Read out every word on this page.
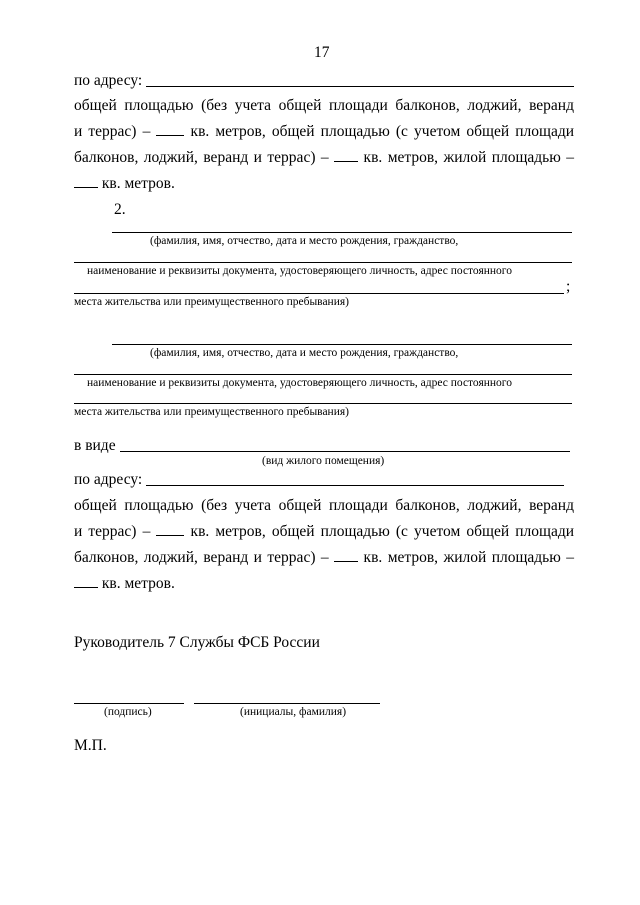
17
по адресу:
общей площадью (без учета общей площади балконов, лоджий, веранд
и террас) –	кв. метров, общей площадью (с учетом общей площади
балконов, лоджий, веранд и террас) – кв. метров, жилой площадью –
кв. метров.
2.
(фамилия, имя, отчество, дата и место рождения, гражданство,
наименование и реквизиты документа, удостоверяющего личность, адрес постоянного
;
места жительства или преимущественного пребывания)
(фамилия, имя, отчество, дата и место рождения, гражданство,
наименование и реквизиты документа, удостоверяющего личность, адрес постоянного
места жительства или преимущественного пребывания)
в виде
(вид жилого помещения)
по адресу:
общей площадью (без учета общей площади балконов, лоджий, веранд
и террас) –	кв. метров, общей площадью (с учетом общей площади
балконов, лоджий, веранд и террас) – кв. метров, жилой площадью –
кв. метров.
Руководитель 7 Службы ФСБ России
(подпись)	(инициалы, фамилия)
М.П.
